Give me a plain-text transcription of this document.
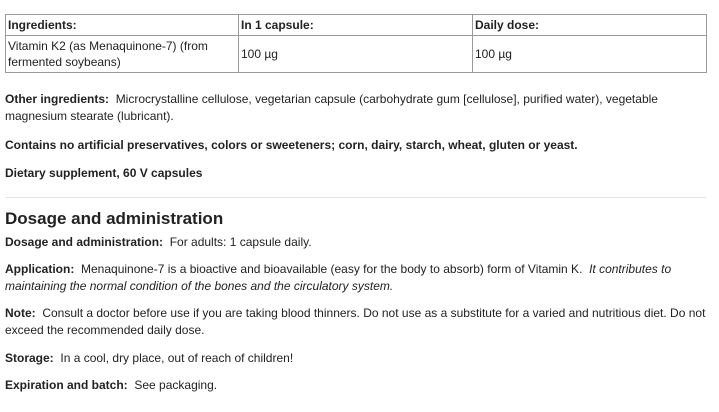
Ingredients:	In 1 capsule:	Daily dose:
Vitamin K2 (as Menaquinone-7) (from fermented soybeans)	100 µg	100 µg

Other ingredients: Microcrystalline cellulose, vegetarian capsule (carbohydrate gum [cellulose], purified water), vegetable magnesium stearate (lubricant).

Contains no artificial preservatives, colors or sweeteners; corn, dairy, starch, wheat, gluten or yeast.

Dietary supplement, 60 V capsules

Dosage and administration

Dosage and administration: For adults: 1 capsule daily.

Application: Menaquinone-7 is a bioactive and bioavailable (easy for the body to absorb) form of Vitamin K. It contributes to maintaining the normal condition of the bones and the circulatory system.

Note: Consult a doctor before use if you are taking blood thinners. Do not use as a substitute for a varied and nutritious diet. Do not exceed the recommended daily dose.

Storage: In a cool, dry place, out of reach of children!

Expiration and batch: See packaging.
